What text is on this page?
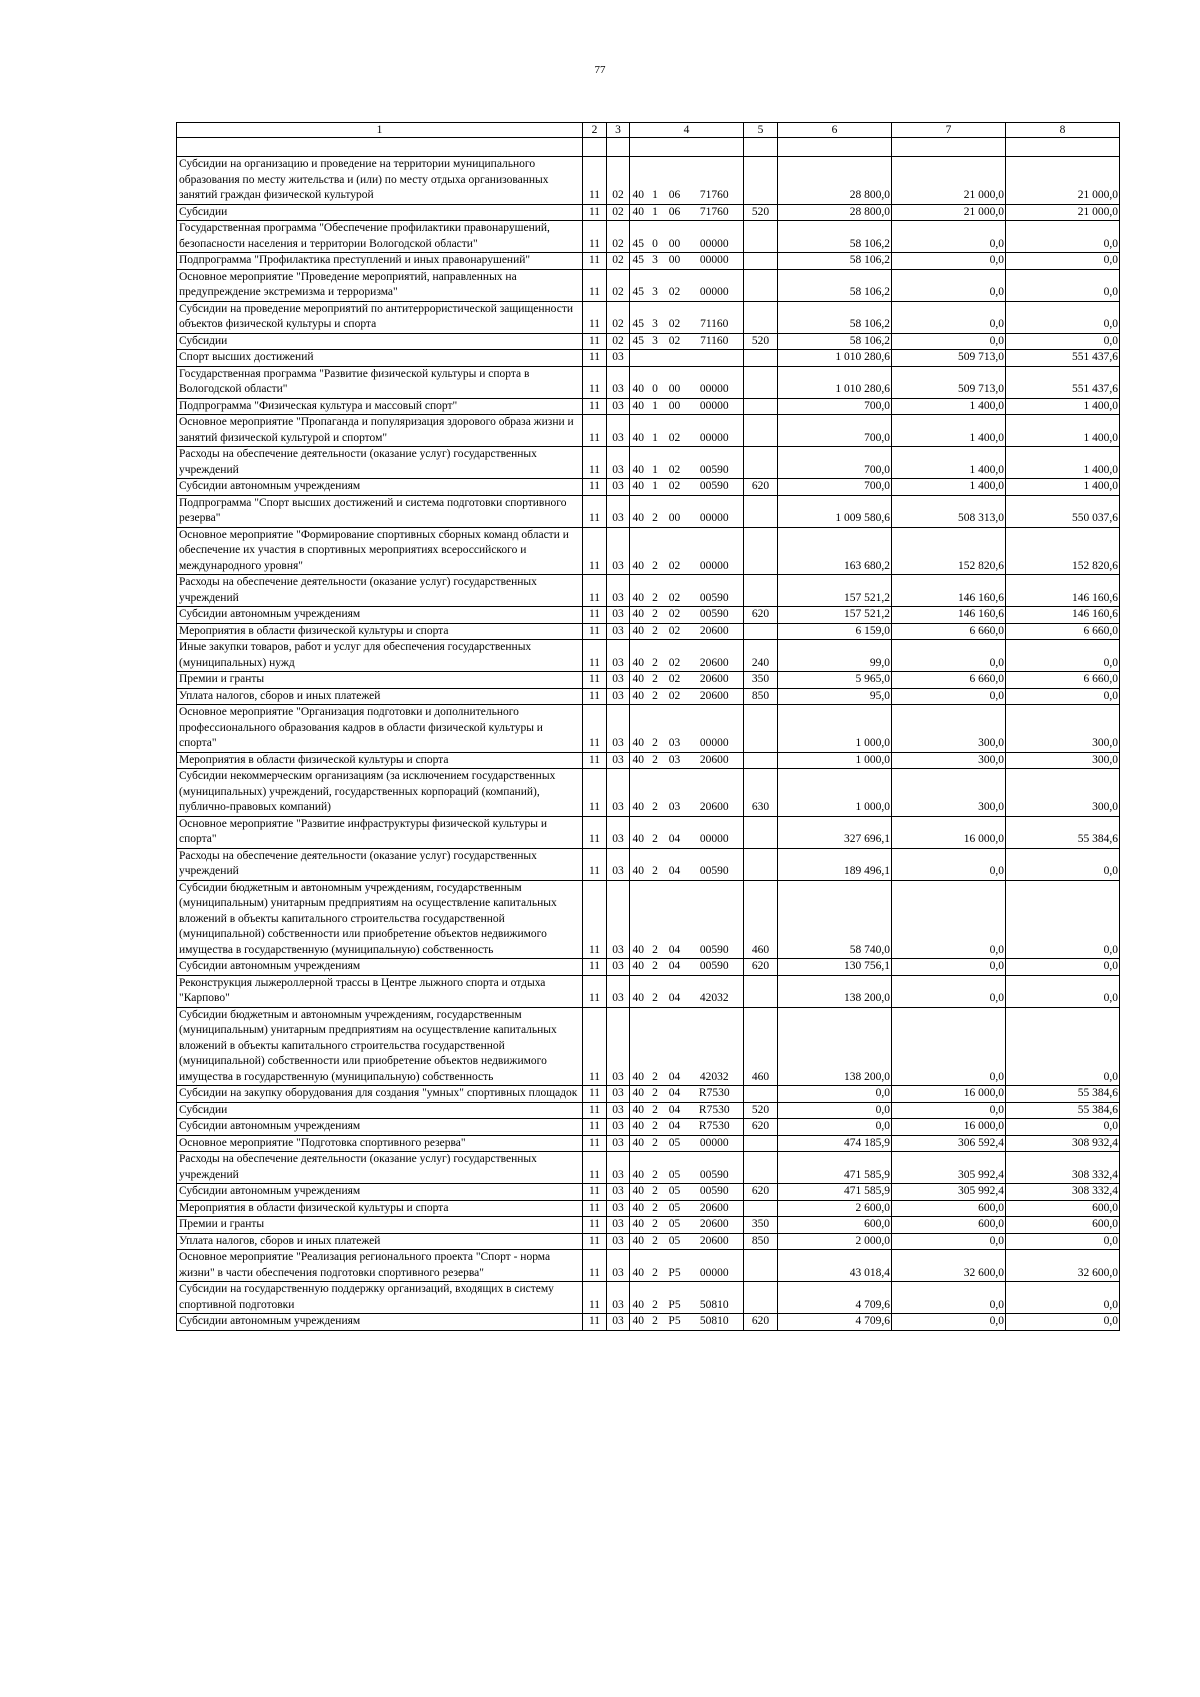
77
1	2	3	4				5	6	7	8

Субсидии на организацию и проведение на территории муниципального образования по месту жительства и (или) по месту отдыха организованных занятий граждан физической культурой	11	02	40	1	06	71760		28 800,0	21 000,0	21 000,0
Субсидии	11	02	40	1	06	71760	520	28 800,0	21 000,0	21 000,0
Государственная программа "Обеспечение профилактики правонарушений, безопасности населения и территории Вологодской области"	11	02	45	0	00	00000		58 106,2	0,0	0,0
Подпрограмма "Профилактика преступлений и иных правонарушений"	11	02	45	3	00	00000		58 106,2	0,0	0,0
Основное мероприятие "Проведение мероприятий, направленных на предупреждение экстремизма и терроризма"	11	02	45	3	02	00000		58 106,2	0,0	0,0
Субсидии на проведение мероприятий по антитеррористической защищенности объектов физической культуры и спорта	11	02	45	3	02	71160		58 106,2	0,0	0,0
Субсидии	11	02	45	3	02	71160	520	58 106,2	0,0	0,0
Спорт высших достижений	11	03						1 010 280,6	509 713,0	551 437,6
Государственная программа "Развитие физической культуры и спорта в Вологодской области"	11	03	40	0	00	00000		1 010 280,6	509 713,0	551 437,6
Подпрограмма "Физическая культура и массовый спорт"	11	03	40	1	00	00000		700,0	1 400,0	1 400,0
Основное мероприятие "Пропаганда и популяризация здорового образа жизни и занятий физической культурой и спортом"	11	03	40	1	02	00000		700,0	1 400,0	1 400,0
Расходы на обеспечение деятельности (оказание услуг) государственных учреждений	11	03	40	1	02	00590		700,0	1 400,0	1 400,0
Субсидии автономным учреждениям	11	03	40	1	02	00590	620	700,0	1 400,0	1 400,0
Подпрограмма "Спорт высших достижений и система подготовки спортивного резерва"	11	03	40	2	00	00000		1 009 580,6	508 313,0	550 037,6
Основное мероприятие "Формирование спортивных сборных команд области и обеспечение их участия в спортивных мероприятиях всероссийского и международного уровня"	11	03	40	2	02	00000		163 680,2	152 820,6	152 820,6
Расходы на обеспечение деятельности (оказание услуг) государственных учреждений	11	03	40	2	02	00590		157 521,2	146 160,6	146 160,6
Субсидии автономным учреждениям	11	03	40	2	02	00590	620	157 521,2	146 160,6	146 160,6
Мероприятия в области физической культуры и спорта	11	03	40	2	02	20600		6 159,0	6 660,0	6 660,0
Иные закупки товаров, работ и услуг для обеспечения государственных (муниципальных) нужд	11	03	40	2	02	20600	240	99,0	0,0	0,0
Премии и гранты	11	03	40	2	02	20600	350	5 965,0	6 660,0	6 660,0
Уплата налогов, сборов и иных платежей	11	03	40	2	02	20600	850	95,0	0,0	0,0
Основное мероприятие "Организация подготовки и дополнительного профессионального образования кадров в области физической культуры и спорта"	11	03	40	2	03	00000		1 000,0	300,0	300,0
Мероприятия в области физической культуры и спорта	11	03	40	2	03	20600		1 000,0	300,0	300,0
Субсидии некоммерческим организациям (за исключением государственных (муниципальных) учреждений, государственных корпораций (компаний), публично-правовых компаний)	11	03	40	2	03	20600	630	1 000,0	300,0	300,0
Основное мероприятие "Развитие инфраструктуры физической культуры и спорта"	11	03	40	2	04	00000		327 696,1	16 000,0	55 384,6
Расходы на обеспечение деятельности (оказание услуг) государственных учреждений	11	03	40	2	04	00590		189 496,1	0,0	0,0
Субсидии бюджетным и автономным учреждениям, государственным (муниципальным) унитарным предприятиям на осуществление капитальных вложений в объекты капитального строительства государственной (муниципальной) собственности или приобретение объектов недвижимого имущества в государственную (муниципальную) собственность	11	03	40	2	04	00590	460	58 740,0	0,0	0,0
Субсидии автономным учреждениям	11	03	40	2	04	00590	620	130 756,1	0,0	0,0
Реконструкция лыжероллерной трассы в Центре лыжного спорта и отдыха "Карпово"	11	03	40	2	04	42032		138 200,0	0,0	0,0
Субсидии бюджетным и автономным учреждениям, государственным (муниципальным) унитарным предприятиям на осуществление капитальных вложений в объекты капитального строительства государственной (муниципальной) собственности или приобретение объектов недвижимого имущества в государственную (муниципальную) собственность	11	03	40	2	04	42032	460	138 200,0	0,0	0,0
Субсидии на закупку оборудования для создания "умных" спортивных площадок	11	03	40	2	04	R7530		0,0	16 000,0	55 384,6
Субсидии	11	03	40	2	04	R7530	520	0,0	0,0	55 384,6
Субсидии автономным учреждениям	11	03	40	2	04	R7530	620	0,0	16 000,0	0,0
Основное мероприятие "Подготовка спортивного резерва"	11	03	40	2	05	00000		474 185,9	306 592,4	308 932,4
Расходы на обеспечение деятельности (оказание услуг) государственных учреждений	11	03	40	2	05	00590		471 585,9	305 992,4	308 332,4
Субсидии автономным учреждениям	11	03	40	2	05	00590	620	471 585,9	305 992,4	308 332,4
Мероприятия в области физической культуры и спорта	11	03	40	2	05	20600		2 600,0	600,0	600,0
Премии и гранты	11	03	40	2	05	20600	350	600,0	600,0	600,0
Уплата налогов, сборов и иных платежей	11	03	40	2	05	20600	850	2 000,0	0,0	0,0
Основное мероприятие "Реализация регионального проекта "Спорт - норма жизни" в части обеспечения подготовки спортивного резерва"	11	03	40	2	P5	00000		43 018,4	32 600,0	32 600,0
Субсидии на государственную поддержку организаций, входящих в систему спортивной подготовки	11	03	40	2	P5	50810		4 709,6	0,0	0,0
Субсидии автономным учреждениям	11	03	40	2	P5	50810	620	4 709,6	0,0	0,0
